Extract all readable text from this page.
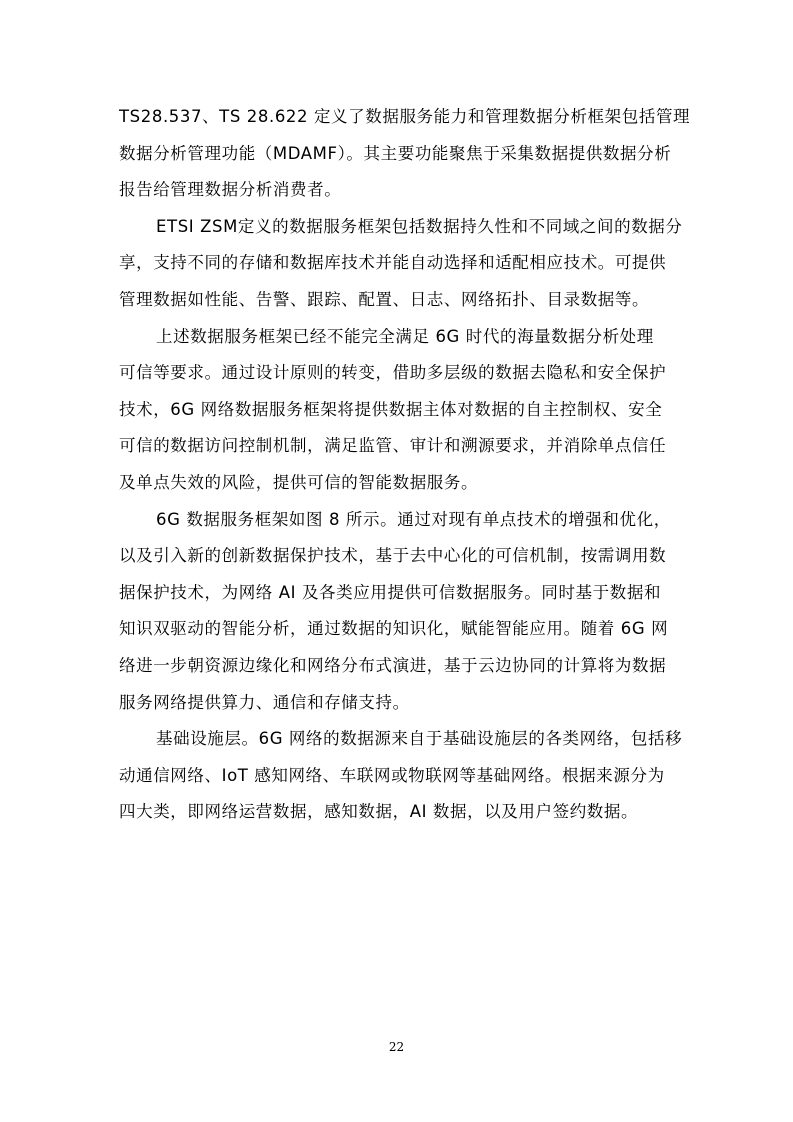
TS28.537、TS 28.622 定义了数据服务能力和管理数据分析框架包括管理
数据分析管理功能（MDAMF）。其主要功能聚焦于采集数据提供数据分析
报告给管理数据分析消费者。
ETSI ZSM定义的数据服务框架包括数据持久性和不同域之间的数据分
享，支持不同的存储和数据库技术并能自动选择和适配相应技术。可提供
管理数据如性能、告警、跟踪、配置、日志、网络拓扑、目录数据等。
上述数据服务框架已经不能完全满足 6G 时代的海量数据分析处理
可信等要求。通过设计原则的转变，借助多层级的数据去隐私和安全保护
技术，6G 网络数据服务框架将提供数据主体对数据的自主控制权、安全
可信的数据访问控制机制，满足监管、审计和溯源要求，并消除单点信任
及单点失效的风险，提供可信的智能数据服务。
6G 数据服务框架如图 8 所示。通过对现有单点技术的增强和优化，
以及引入新的创新数据保护技术，基于去中心化的可信机制，按需调用数
据保护技术，为网络 AI 及各类应用提供可信数据服务。同时基于数据和
知识双驱动的智能分析，通过数据的知识化，赋能智能应用。随着 6G 网
络进一步朝资源边缘化和网络分布式演进，基于云边协同的计算将为数据
服务网络提供算力、通信和存储支持。
基础设施层。6G 网络的数据源来自于基础设施层的各类网络，包括移
动通信网络、IoT 感知网络、车联网或物联网等基础网络。根据来源分为
四大类，即网络运营数据，感知数据，AI 数据，以及用户签约数据。
22
